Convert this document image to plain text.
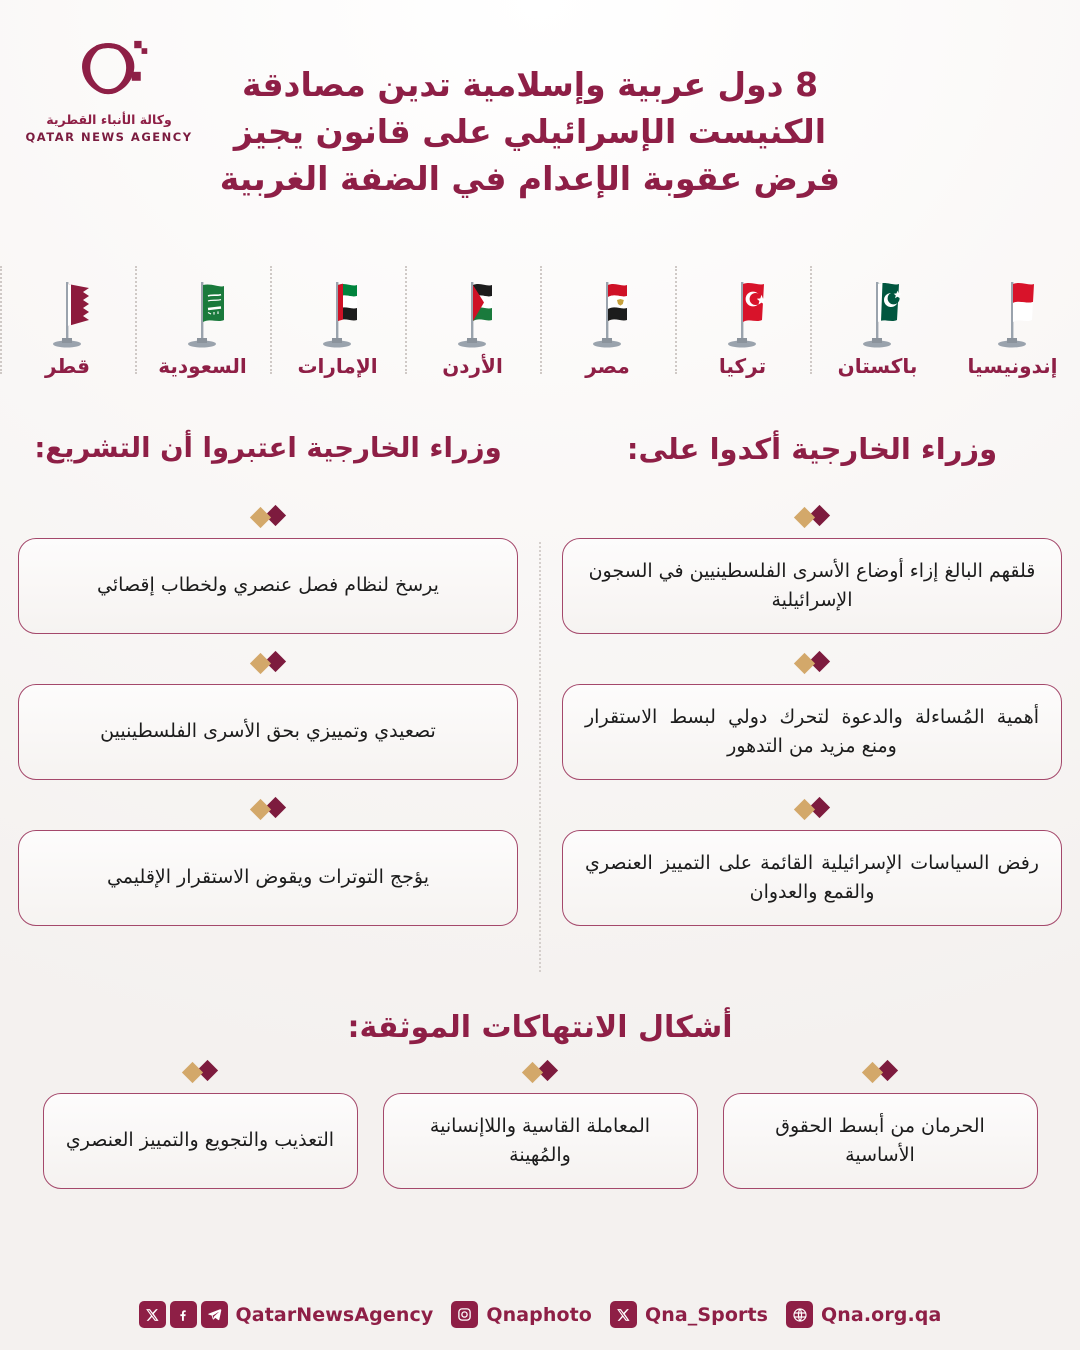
8 دول عربية وإسلامية تدين مصادقة
الكنيست الإسرائيلي على قانون يجيز
فرض عقوبة الإعدام في الضفة الغربية
وكالة الأنباء القطرية
QATAR NEWS AGENCY
قطر	السعودية	الإمارات	الأردن	مصر	تركيا	باكستان	إندونيسيا
وزراء الخارجية أكدوا على:
قلقهم البالغ إزاء أوضاع الأسرى الفلسطينيين في السجون الإسرائيلية
أهمية المُساءلة والدعوة لتحرك دولي لبسط الاستقرار ومنع مزيد من التدهور
رفض السياسات الإسرائيلية القائمة على التمييز العنصري والقمع والعدوان
وزراء الخارجية اعتبروا أن التشريع:
يرسخ لنظام فصل عنصري ولخطاب إقصائي
تصعيدي وتمييزي بحق الأسرى الفلسطينيين
يؤجج التوترات ويقوض الاستقرار الإقليمي
أشكال الانتهاكات الموثقة:
التعذيب والتجويع والتمييز العنصري
المعاملة القاسية واللاإنسانية والمُهينة
الحرمان من أبسط الحقوق الأساسية
QatarNewsAgency	Qnaphoto	Qna_Sports	Qna.org.qa
